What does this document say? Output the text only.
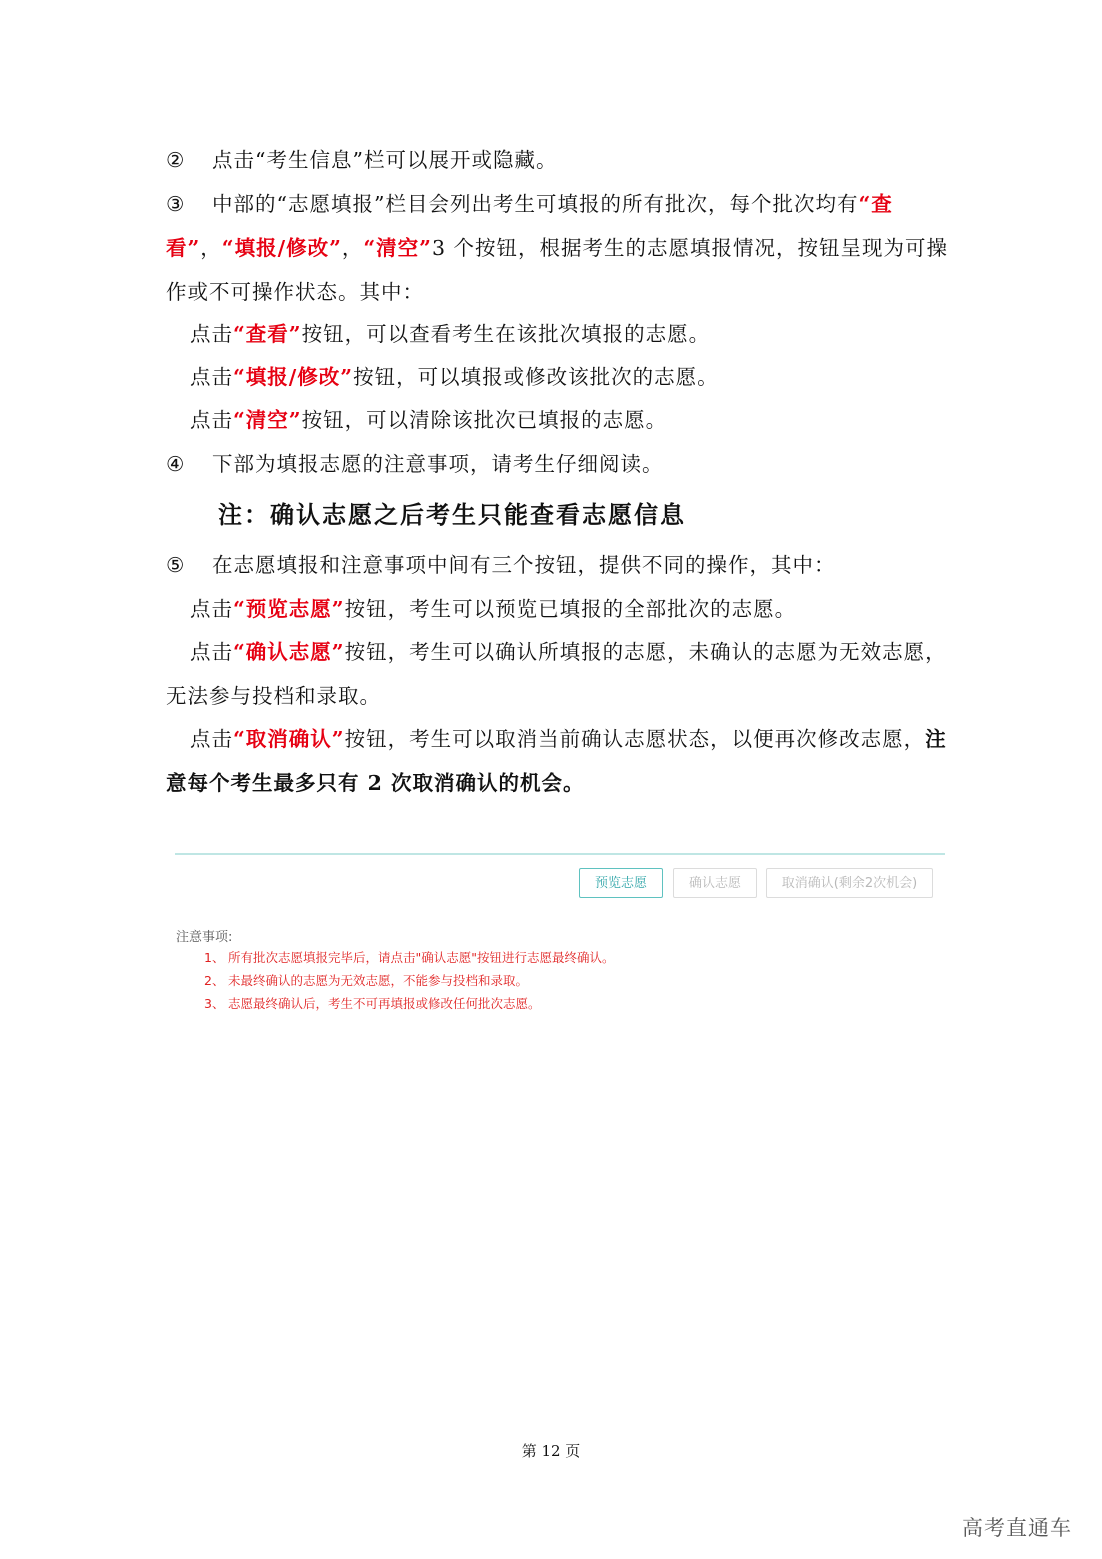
② 点击“考生信息”栏可以展开或隐藏。
③ 中部的“志愿填报”栏目会列出考生可填报的所有批次，每个批次均有“查看”，“填报/修改”，“清空”3 个按钮，根据考生的志愿填报情况，按钮呈现为可操作或不可操作状态。其中：
点击“查看”按钮，可以查看考生在该批次填报的志愿。
点击“填报/修改”按钮，可以填报或修改该批次的志愿。
点击“清空”按钮，可以清除该批次已填报的志愿。
④ 下部为填报志愿的注意事项，请考生仔细阅读。
注：确认志愿之后考生只能查看志愿信息
⑤ 在志愿填报和注意事项中间有三个按钮，提供不同的操作，其中：
点击“预览志愿”按钮，考生可以预览已填报的全部批次的志愿。
点击“确认志愿”按钮，考生可以确认所填报的志愿，未确认的志愿为无效志愿，无法参与投档和录取。
点击“取消确认”按钮，考生可以取消当前确认志愿状态，以便再次修改志愿，注意每个考生最多只有 2 次取消确认的机会。
预览志愿	确认志愿	取消确认(剩余2次机会)
注意事项:
1、 所有批次志愿填报完毕后，请点击"确认志愿"按钮进行志愿最终确认。
2、 未最终确认的志愿为无效志愿，不能参与投档和录取。
3、 志愿最终确认后，考生不可再填报或修改任何批次志愿。
第 12 页
高考直通车
